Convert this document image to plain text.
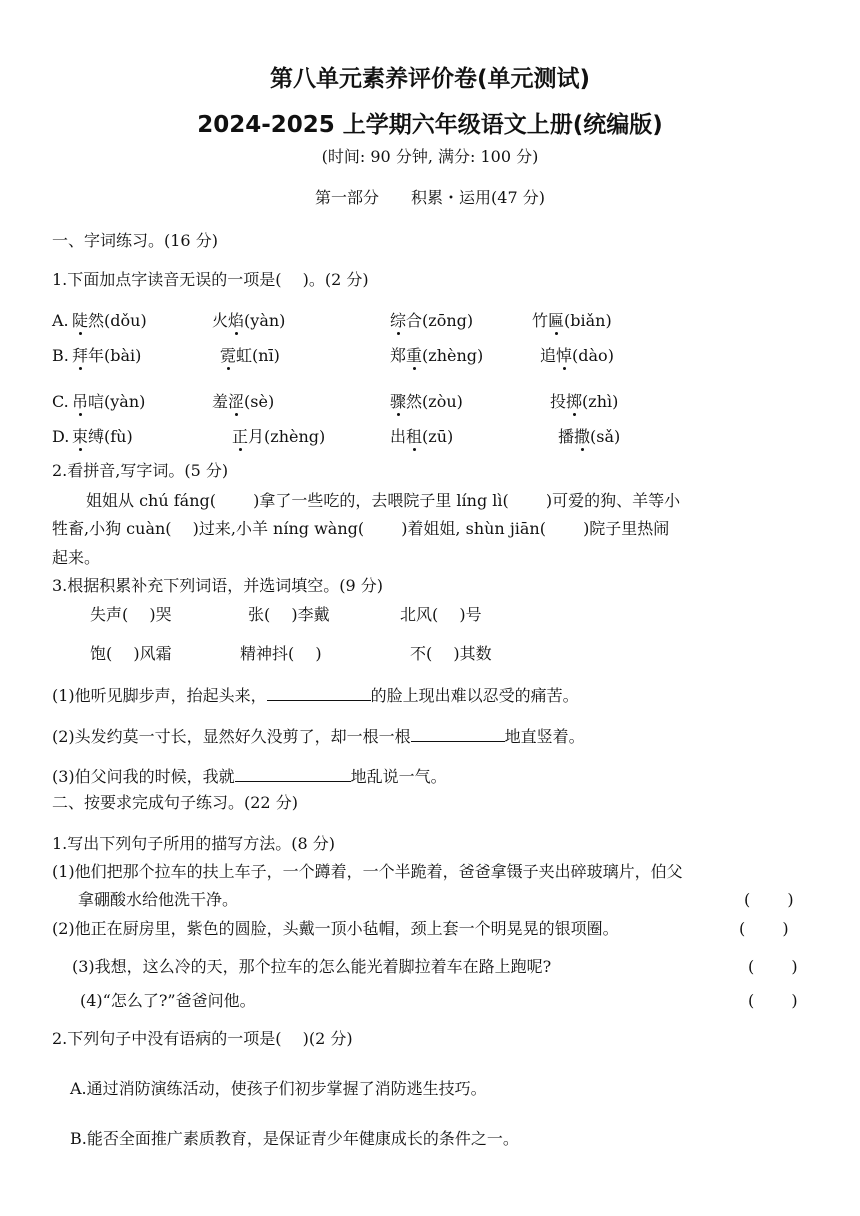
第八单元素养评价卷(单元测试)
2024-2025 上学期六年级语文上册(统编版)
(时间: 90 分钟, 满分: 100 分)
第一部分　　积累・运用(47 分)
一、字词练习。(16 分)
1.下面加点字读音无误的一项是(　 )。(2 分)
A. 陡然(dǒu)	火焰(yàn)	综合(zōng)	竹匾(biǎn)
B. 拜年(bài)	霓虹(nī)	郑重(zhèng)	追悼(dào)
C. 吊唁(yàn)	羞涩(sè)	骤然(zòu)	投掷(zhì)
D. 束缚(fù)	正月(zhèng)	出租(zū)	播撒(sǎ)
2.看拼音,写字词。(5 分)
姐姐从 chú fáng(　　 )拿了一些吃的，去喂院子里 líng lì(　　 )可爱的狗、羊等小
牲畜,小狗 cuàn(　 )过来,小羊 níng wàng(　　 )着姐姐, shùn jiān(　　 )院子里热闹
起来。
3.根据积累补充下列词语，并选词填空。(9 分)
失声(　 )哭	张(　 )李戴	北风(　 )号
饱(　 )风霜	精神抖(　 )	不(　 )其数
(1)他听见脚步声，抬起头来，	的脸上现出难以忍受的痛苦。
(2)头发约莫一寸长，显然好久没剪了，却一根一根	地直竖着。
(3)伯父问我的时候，我就	地乱说一气。
二、按要求完成句子练习。(22 分)
1.写出下列句子所用的描写方法。(8 分)
(1)他们把那个拉车的扶上车子，一个蹲着，一个半跪着，爸爸拿镊子夹出碎玻璃片，伯父
拿硼酸水给他洗干净。	(　　 )
(2)他正在厨房里，紫色的圆脸，头戴一顶小毡帽，颈上套一个明晃晃的银项圈。	(　　 )
(3)我想，这么冷的天，那个拉车的怎么能光着脚拉着车在路上跑呢?	(　　 )
(4)“怎么了?”爸爸问他。	(　　 )
2.下列句子中没有语病的一项是(　 )(2 分)
A.通过消防演练活动，使孩子们初步掌握了消防逃生技巧。
B.能否全面推广素质教育，是保证青少年健康成长的条件之一。
